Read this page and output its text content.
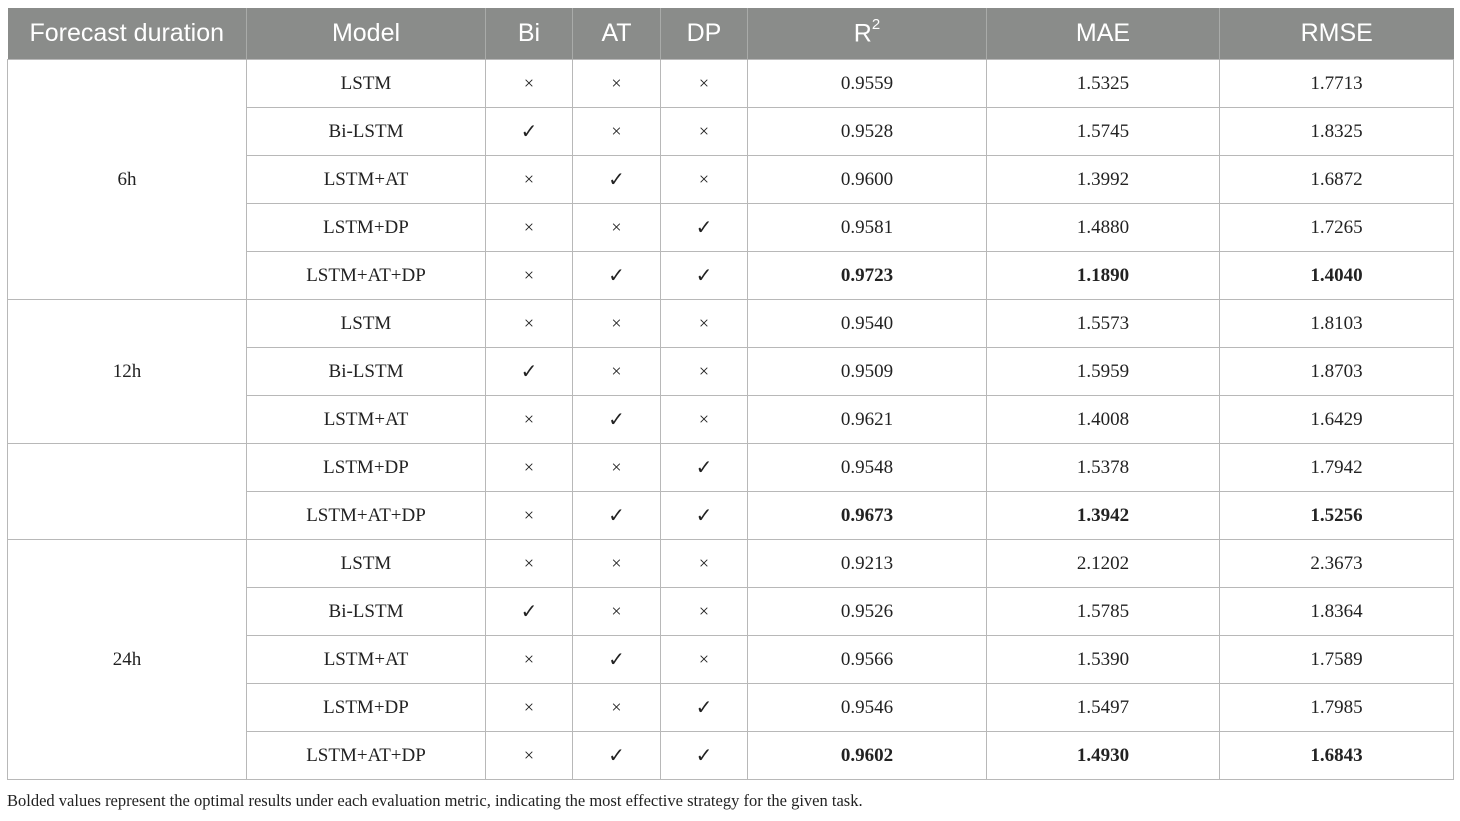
Forecast duration	Model	Bi	AT	DP	$R^2$	MAE	RMSE
6h	LSTM	×	×	×	0.9559	1.5325	1.7713
	Bi-LSTM	✓	×	×	0.9528	1.5745	1.8325
	LSTM+AT	×	✓	×	0.9600	1.3992	1.6872
	LSTM+DP	×	×	✓	0.9581	1.4880	1.7265
	LSTM+AT+DP	×	✓	✓	0.9723	1.1890	1.4040
12h	LSTM	×	×	×	0.9540	1.5573	1.8103
	Bi-LSTM	✓	×	×	0.9509	1.5959	1.8703
	LSTM+AT	×	✓	×	0.9621	1.4008	1.6429
	LSTM+DP	×	×	✓	0.9548	1.5378	1.7942
	LSTM+AT+DP	×	✓	✓	0.9673	1.3942	1.5256
24h	LSTM	×	×	×	0.9213	2.1202	2.3673
	Bi-LSTM	✓	×	×	0.9526	1.5785	1.8364
	LSTM+AT	×	✓	×	0.9566	1.5390	1.7589
	LSTM+DP	×	×	✓	0.9546	1.5497	1.7985
	LSTM+AT+DP	×	✓	✓	0.9602	1.4930	1.6843

Bolded values represent the optimal results under each evaluation metric, indicating the most effective strategy for the given task.
